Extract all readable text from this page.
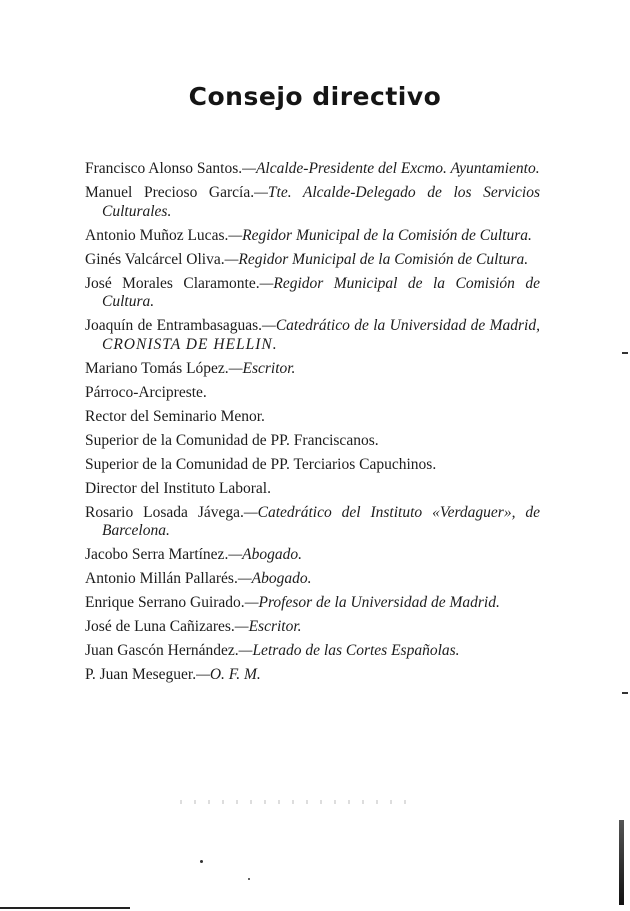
Consejo directivo
Francisco Alonso Santos.—Alcalde-Presidente del Excmo. Ayuntamiento.
Manuel Precioso García.—Tte. Alcalde-Delegado de los Servicios Culturales.
Antonio Muñoz Lucas.—Regidor Municipal de la Comisión de Cultura.
Ginés Valcárcel Oliva.—Regidor Municipal de la Comisión de Cultura.
José Morales Claramonte.—Regidor Municipal de la Comisión de Cultura.
Joaquín de Entrambasaguas.—Catedrático de la Universidad de Madrid, CRONISTA DE HELLIN.
Mariano Tomás López.—Escritor.
Párroco-Arcipreste.
Rector del Seminario Menor.
Superior de la Comunidad de PP. Franciscanos.
Superior de la Comunidad de PP. Terciarios Capuchinos.
Director del Instituto Laboral.
Rosario Losada Jávega.—Catedrático del Instituto «Verdaguer», de Barcelona.
Jacobo Serra Martínez.—Abogado.
Antonio Millán Pallarés.—Abogado.
Enrique Serrano Guirado.—Profesor de la Universidad de Madrid.
José de Luna Cañizares.—Escritor.
Juan Gascón Hernández.—Letrado de las Cortes Españolas.
P. Juan Meseguer.—O. F. M.
